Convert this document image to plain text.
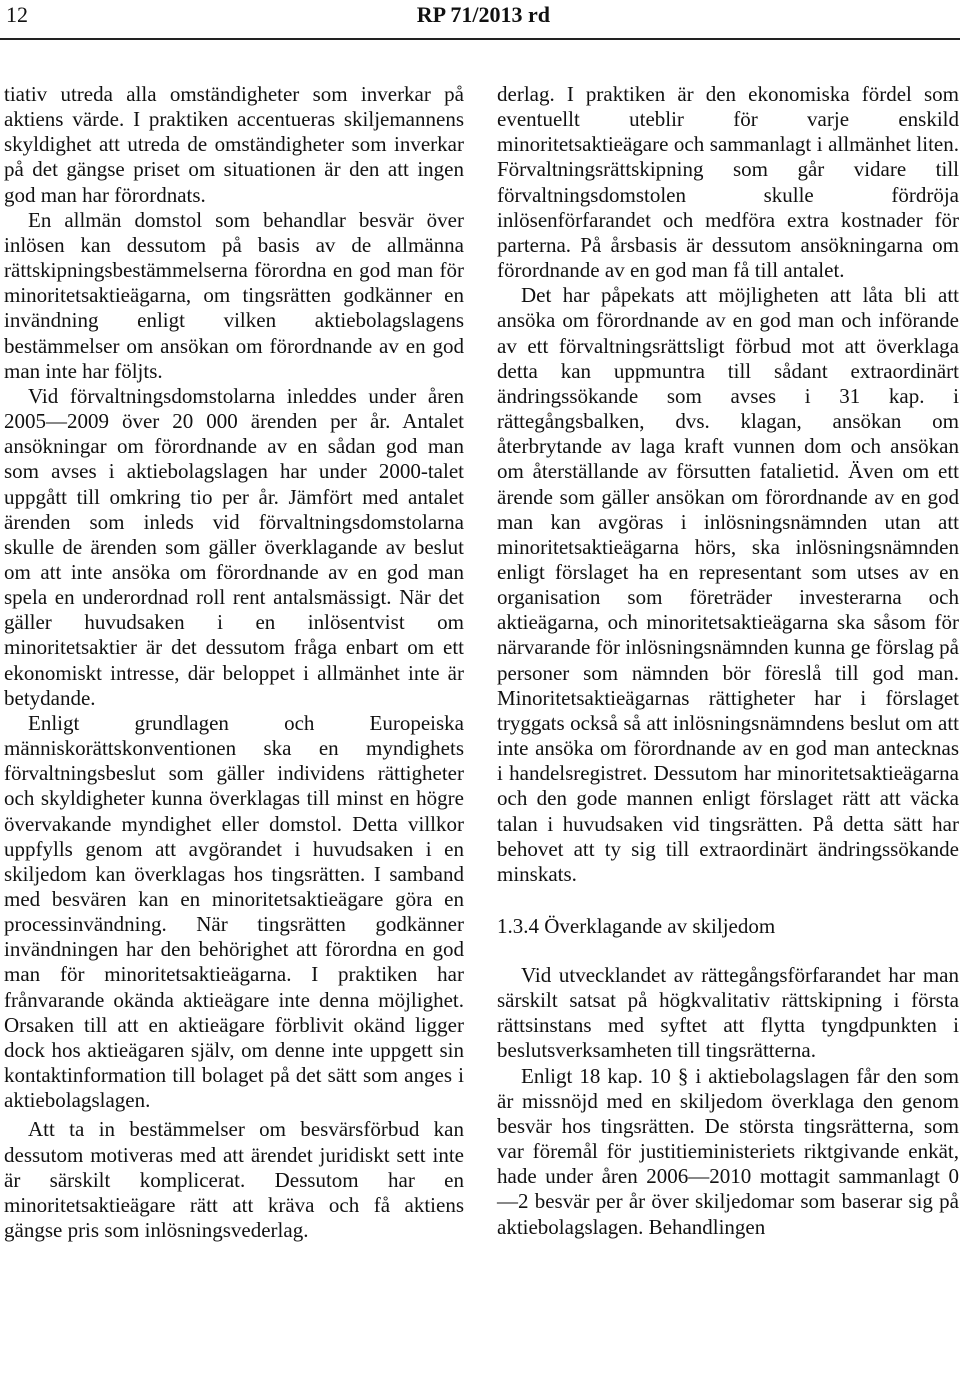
12	RP 71/2013 rd

tiativ utreda alla omständigheter som inverkar på aktiens värde. I praktiken accentueras skiljemannens skyldighet att utreda de omständigheter som inverkar på det gängse priset om situationen är den att ingen god man har förordnats.

En allmän domstol som behandlar besvär över inlösen kan dessutom på basis av de allmänna rättskipningsbestämmelserna förordna en god man för minoritetsaktieägarna, om tingsrätten godkänner en invändning enligt vilken aktiebolagslagens bestämmelser om ansökan om förordnande av en god man inte har följts.

Vid förvaltningsdomstolarna inleddes under åren 2005—2009 över 20 000 ärenden per år. Antalet ansökningar om förordnande av en sådan god man som avses i aktiebolagslagen har under 2000-talet uppgått till omkring tio per år. Jämfört med antalet ärenden som inleds vid förvaltningsdomstolarna skulle de ärenden som gäller överklagande av beslut om att inte ansöka om förordnande av en god man spela en underordnad roll rent antalsmässigt. När det gäller huvudsaken i en inlösentvist om minoritetsaktier är det dessutom fråga enbart om ett ekonomiskt intresse, där beloppet i allmänhet inte är betydande.

Enligt grundlagen och Europeiska människorättskonventionen ska en myndighets förvaltningsbeslut som gäller individens rättigheter och skyldigheter kunna överklagas till minst en högre övervakande myndighet eller domstol. Detta villkor uppfylls genom att avgörandet i huvudsaken i en skiljedom kan överklagas hos tingsrätten. I samband med besvären kan en minoritetsaktieägare göra en processinvändning. När tingsrätten godkänner invändningen har den behörighet att förordna en god man för minoritetsaktieägarna. I praktiken har frånvarande okända aktieägare inte denna möjlighet. Orsaken till att en aktieägare förblivit okänd ligger dock hos aktieägaren själv, om denne inte uppgett sin kontaktinformation till bolaget på det sätt som anges i aktiebolagslagen.

Att ta in bestämmelser om besvärsförbud kan dessutom motiveras med att ärendet juridiskt sett inte är särskilt komplicerat. Dessutom har en minoritetsaktieägare rätt att kräva och få aktiens gängse pris som inlösningsvederlag.

derlag. I praktiken är den ekonomiska fördel som eventuellt uteblir för varje enskild minoritetsaktieägare och sammanlagt i allmänhet liten. Förvaltningsrättskipning som går vidare till förvaltningsdomstolen skulle fördröja inlösenförfarandet och medföra extra kostnader för parterna. På årsbasis är dessutom ansökningarna om förordnande av en god man få till antalet.

Det har påpekats att möjligheten att låta bli att ansöka om förordnande av en god man och införande av ett förvaltningsrättsligt förbud mot att överklaga detta kan uppmuntra till sådant extraordinärt ändringssökande som avses i 31 kap. i rättegångsbalken, dvs. klagan, ansökan om återbrytande av laga kraft vunnen dom och ansökan om återställande av försutten fatalietid. Även om ett ärende som gäller ansökan om förordnande av en god man kan avgöras i inlösningsnämnden utan att minoritetsaktieägarna hörs, ska inlösningsnämnden enligt förslaget ha en representant som utses av en organisation som företräder investerarna och aktieägarna, och minoritetsaktieägarna ska såsom för närvarande för inlösningsnämnden kunna ge förslag på personer som nämnden bör föreslå till god man. Minoritetsaktieägarnas rättigheter har i förslaget tryggats också så att inlösningsnämndens beslut om att inte ansöka om förordnande av en god man antecknas i handelsregistret. Dessutom har minoritetsaktieägarna och den gode mannen enligt förslaget rätt att väcka talan i huvudsaken vid tingsrätten. På detta sätt har behovet att ty sig till extraordinärt ändringssökande minskats.

1.3.4 Överklagande av skiljedom

Vid utvecklandet av rättegångsförfarandet har man särskilt satsat på högkvalitativ rättskipning i första rättsinstans med syftet att flytta tyngdpunkten i beslutsverksamheten till tingsrätterna.

Enligt 18 kap. 10 § i aktiebolagslagen får den som är missnöjd med en skiljedom överklaga den genom besvär hos tingsrätten. De största tingsrätterna, som var föremål för justitieministeriets riktgivande enkät, hade under åren 2006—2010 mottagit sammanlagt 0—2 besvär per år över skiljedomar som baserar sig på aktiebolagslagen. Behandlingen
